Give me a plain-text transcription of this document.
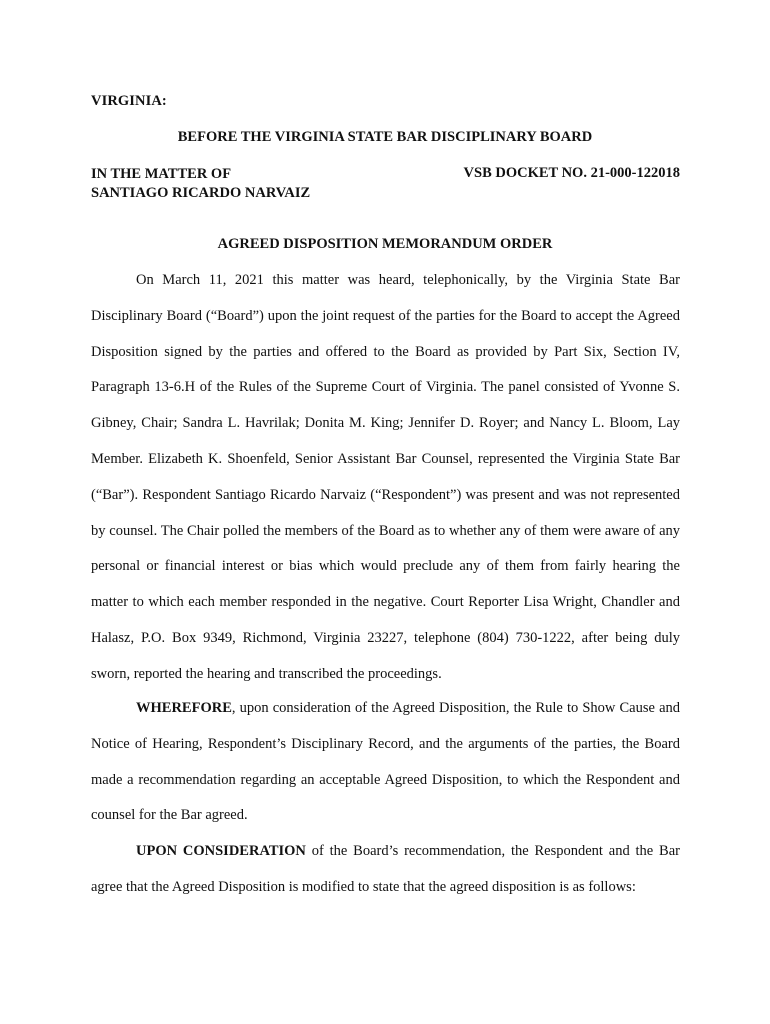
VIRGINIA:
BEFORE THE VIRGINIA STATE BAR DISCIPLINARY BOARD
IN THE MATTER OF
SANTIAGO RICARDO NARVAIZ
VSB DOCKET NO. 21-000-122018
AGREED DISPOSITION MEMORANDUM ORDER

On March 11, 2021 this matter was heard, telephonically, by the Virginia State Bar Disciplinary Board (“Board”) upon the joint request of the parties for the Board to accept the Agreed Disposition signed by the parties and offered to the Board as provided by Part Six, Section IV, Paragraph 13-6.H of the Rules of the Supreme Court of Virginia. The panel consisted of Yvonne S. Gibney, Chair; Sandra L. Havrilak; Donita M. King; Jennifer D. Royer; and Nancy L. Bloom, Lay Member. Elizabeth K. Shoenfeld, Senior Assistant Bar Counsel, represented the Virginia State Bar (“Bar”). Respondent Santiago Ricardo Narvaiz (“Respondent”) was present and was not represented by counsel. The Chair polled the members of the Board as to whether any of them were aware of any personal or financial interest or bias which would preclude any of them from fairly hearing the matter to which each member responded in the negative. Court Reporter Lisa Wright, Chandler and Halasz, P.O. Box 9349, Richmond, Virginia 23227, telephone (804) 730-1222, after being duly sworn, reported the hearing and transcribed the proceedings.

WHEREFORE, upon consideration of the Agreed Disposition, the Rule to Show Cause and Notice of Hearing, Respondent’s Disciplinary Record, and the arguments of the parties, the Board made a recommendation regarding an acceptable Agreed Disposition, to which the Respondent and counsel for the Bar agreed.

UPON CONSIDERATION of the Board’s recommendation, the Respondent and the Bar agree that the Agreed Disposition is modified to state that the agreed disposition is as follows:
